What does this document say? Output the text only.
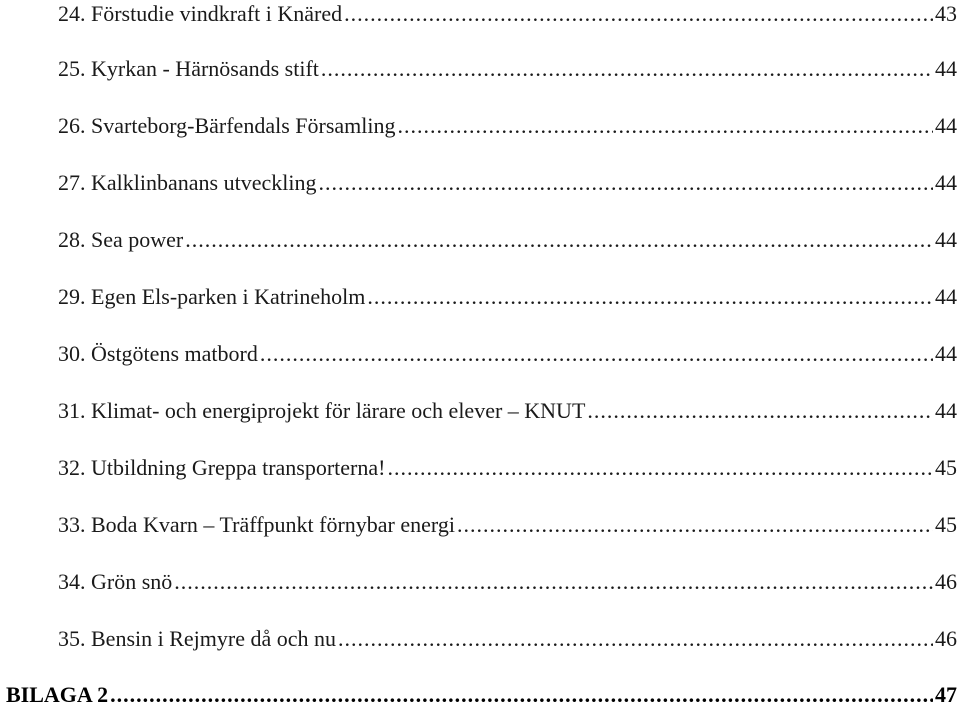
24. Förstudie vindkraft i Knäred .....	43
25. Kyrkan - Härnösands stift .....	44
26. Svarteborg-Bärfendals Församling .....	44
27. Kalklinbanans utveckling .....	44
28. Sea power .....	44
29. Egen Els-parken i Katrineholm .....	44
30. Östgötens matbord .....	44
31. Klimat- och energiprojekt för lärare och elever – KNUT .....	44
32. Utbildning Greppa transporterna! .....	45
33. Boda Kvarn – Träffpunkt förnybar energi .....	45
34. Grön snö .....	46
35. Bensin i Rejmyre då och nu .....	46
BILAGA 2 .....	47
